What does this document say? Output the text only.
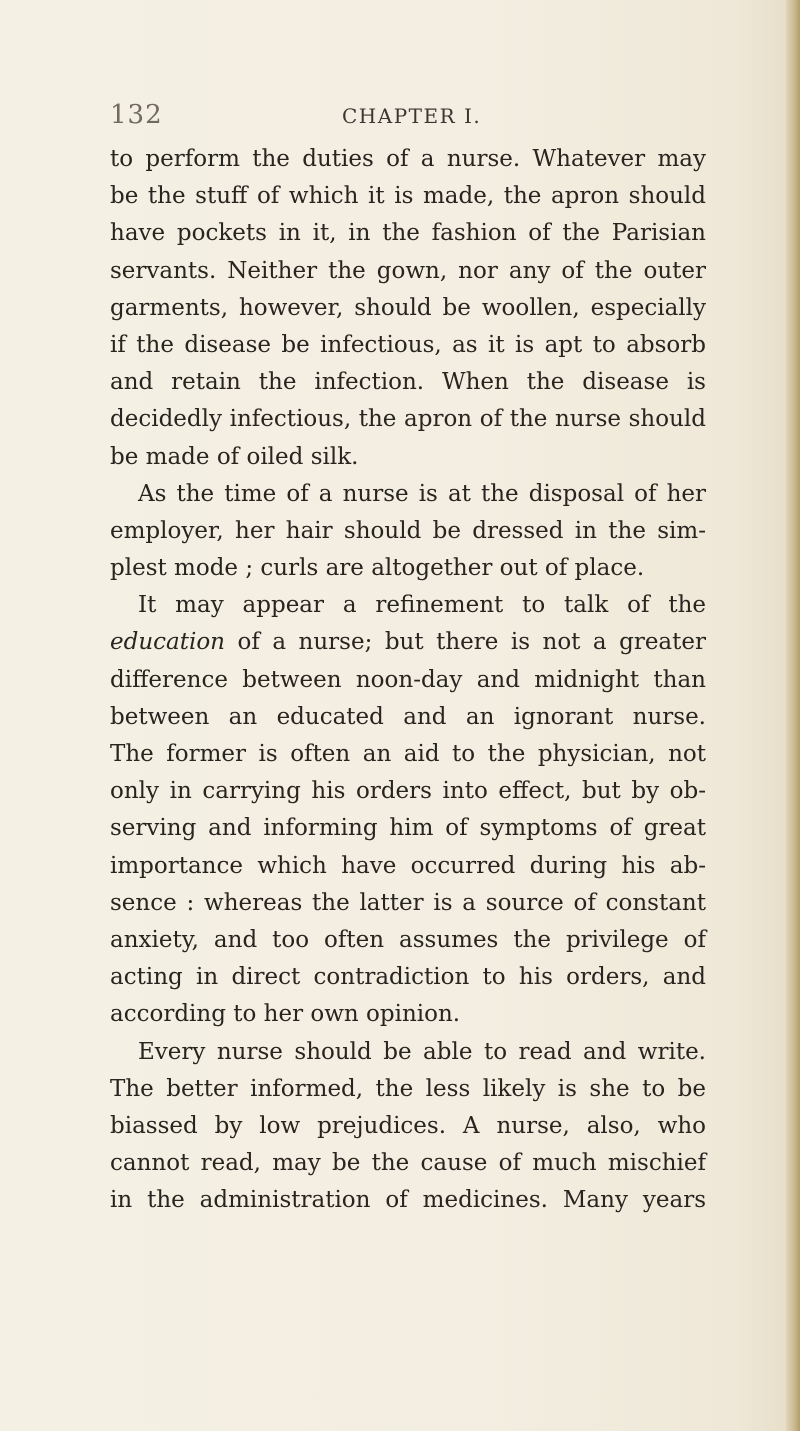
132	CHAPTER I.
to perform the duties of a nurse. Whatever may
be the stuff of which it is made, the apron should
have pockets in it, in the fashion of the Parisian
servants. Neither the gown, nor any of the outer
garments, however, should be woollen, especially
if the disease be infectious, as it is apt to absorb
and retain the infection. When the disease is
decidedly infectious, the apron of the nurse should
be made of oiled silk.
As the time of a nurse is at the disposal of her
employer, her hair should be dressed in the sim-
plest mode ; curls are altogether out of place.
It may appear a refinement to talk of the
education of a nurse; but there is not a greater
difference between noon-day and midnight than
between an educated and an ignorant nurse.
The former is often an aid to the physician, not
only in carrying his orders into effect, but by ob-
serving and informing him of symptoms of great
importance which have occurred during his ab-
sence : whereas the latter is a source of constant
anxiety, and too often assumes the privilege of
acting in direct contradiction to his orders, and
according to her own opinion.
Every nurse should be able to read and write.
The better informed, the less likely is she to be
biassed by low prejudices. A nurse, also, who
cannot read, may be the cause of much mischief
in the administration of medicines. Many years
